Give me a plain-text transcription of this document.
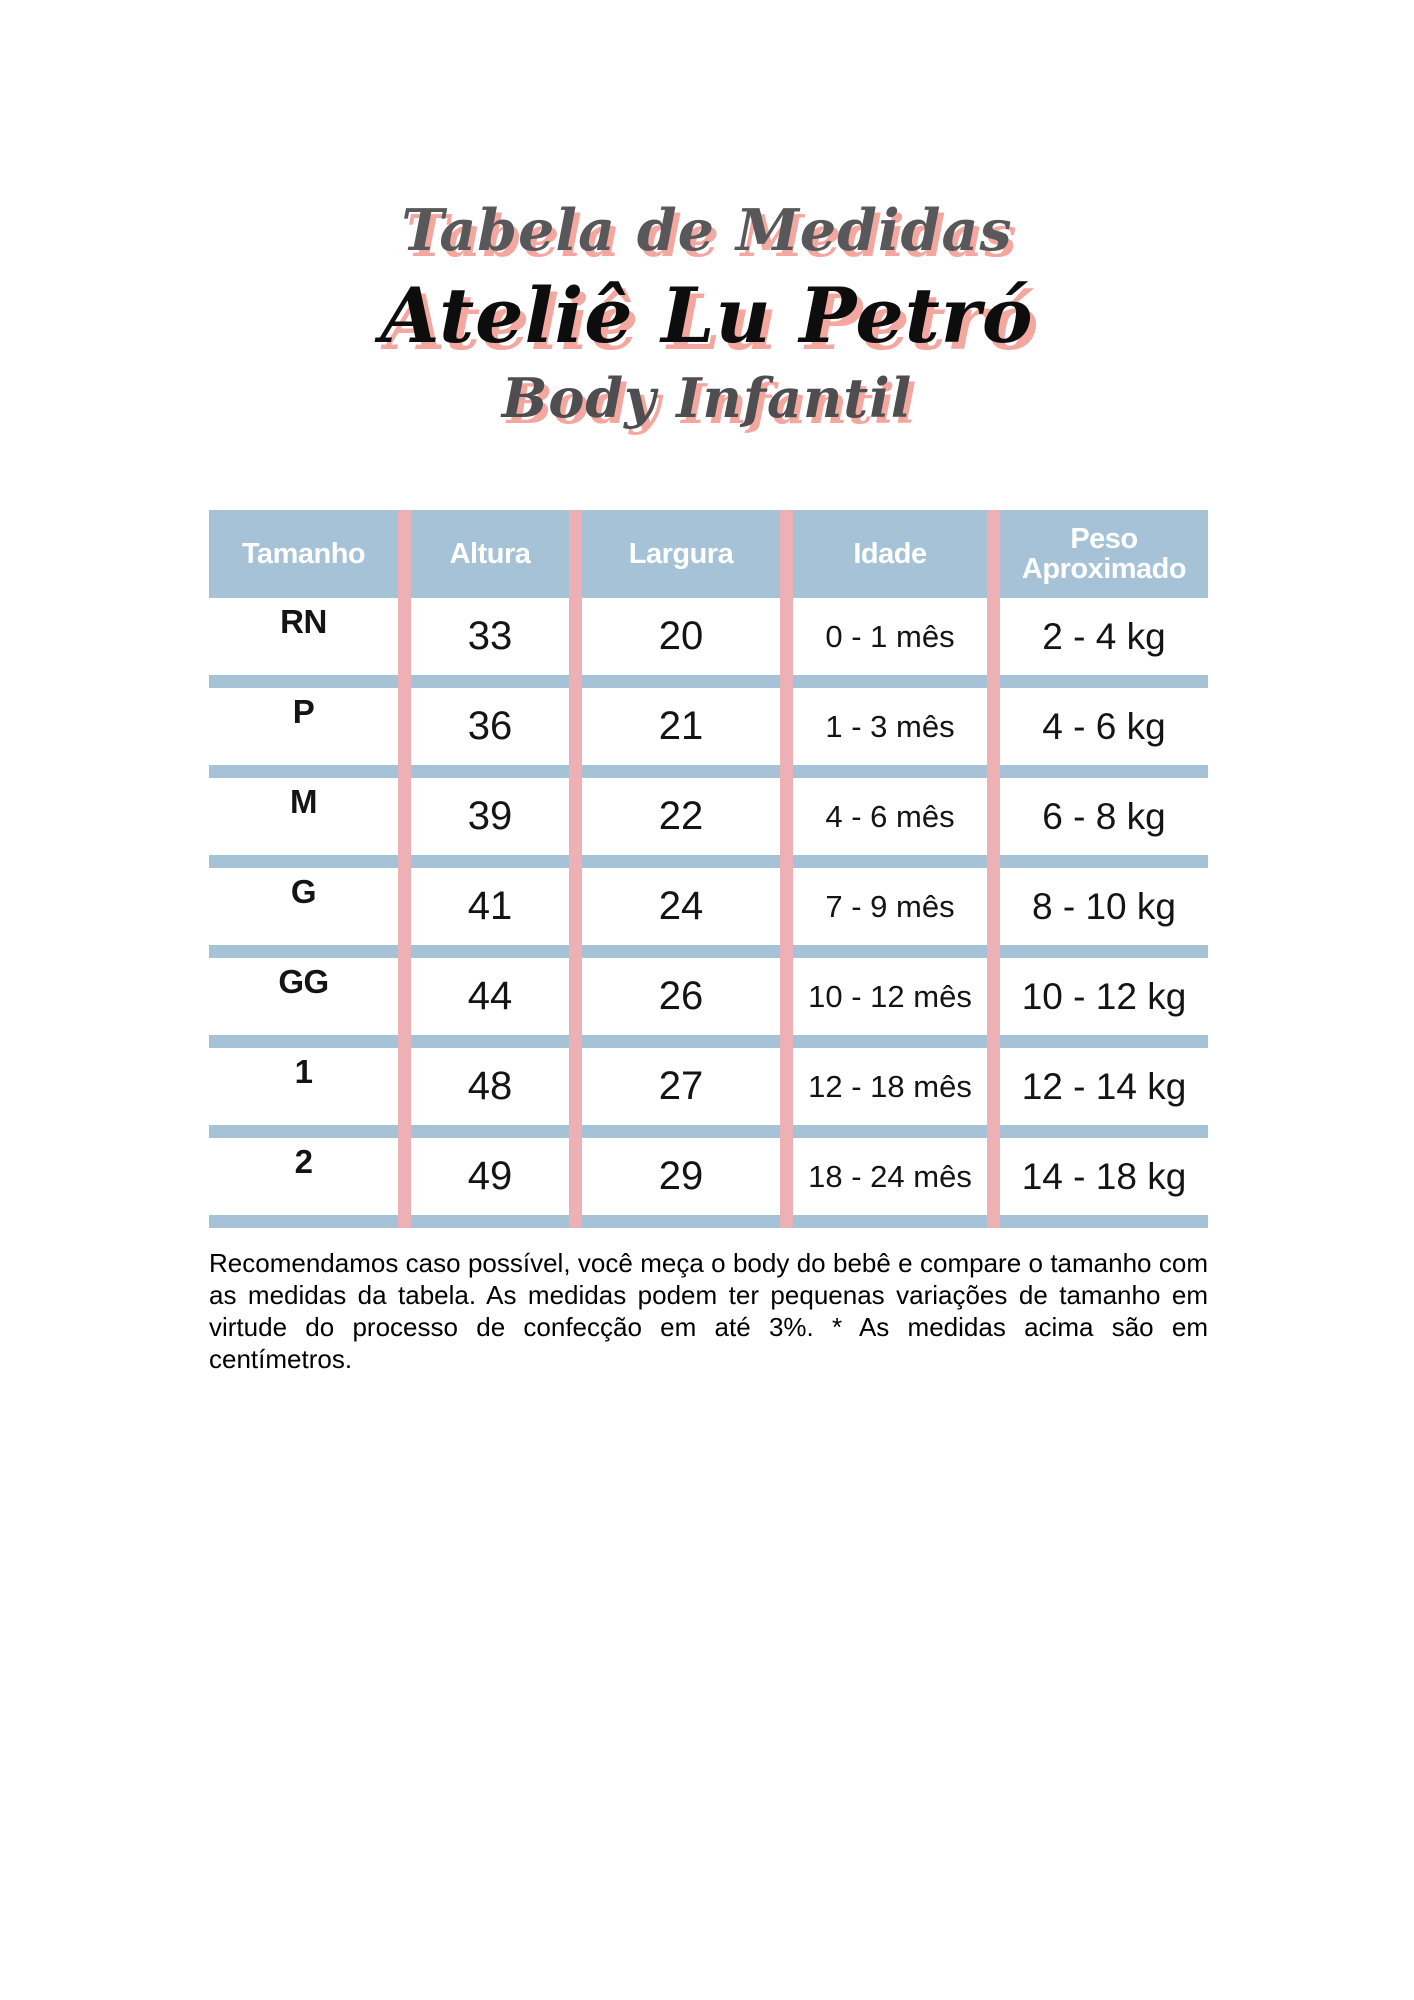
Tabela de Medidas
Ateliê Lu Petró
Body Infantil
Tamanho	Altura	Largura	Idade	Peso Aproximado
RN	33	20	0 - 1 mês	2 - 4 kg
P	36	21	1 - 3 mês	4 - 6 kg
M	39	22	4 - 6 mês	6 - 8 kg
G	41	24	7 - 9 mês	8 - 10 kg
GG	44	26	10 - 12 mês	10 - 12 kg
1	48	27	12 - 18 mês	12 - 14 kg
2	49	29	18 - 24 mês	14 - 18 kg

Recomendamos caso possível, você meça o body do bebê e compare o tamanho com as medidas da tabela. As medidas podem ter pequenas variações de tamanho em virtude do processo de confecção em até 3%. * As medidas acima são em centímetros.
